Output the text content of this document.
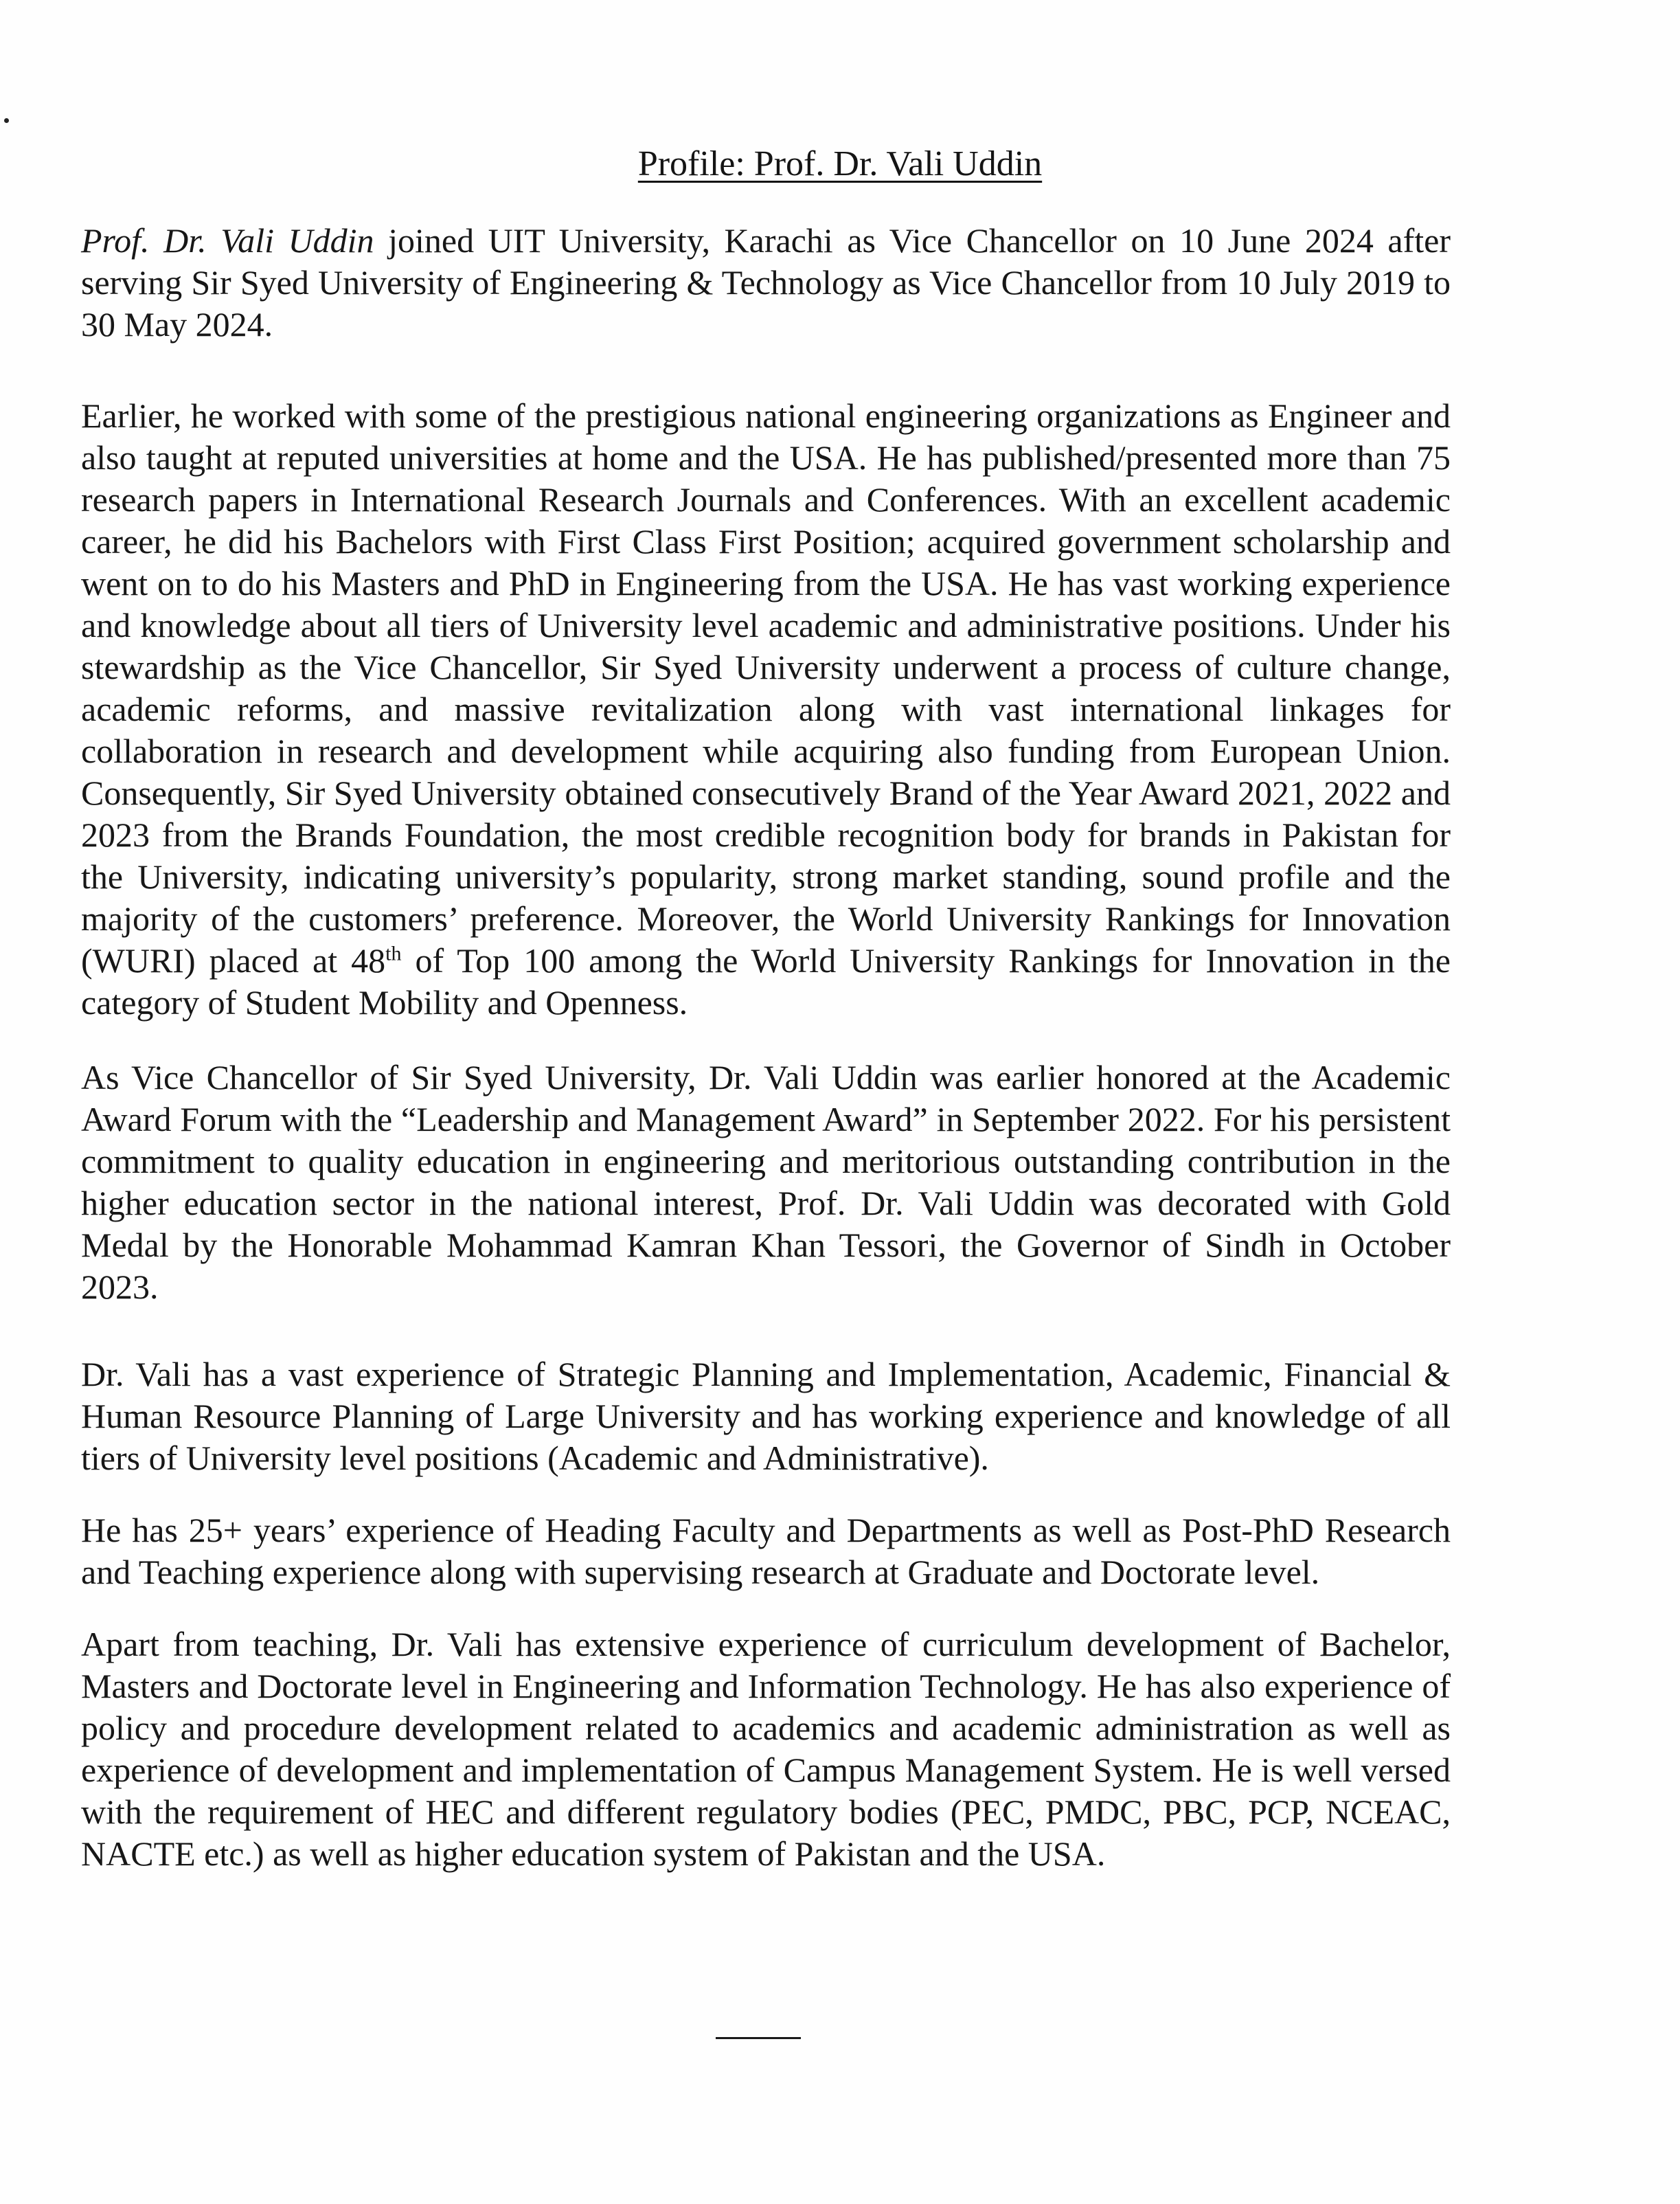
Profile: Prof. Dr. Vali Uddin

Prof. Dr. Vali Uddin joined UIT University, Karachi as Vice Chancellor on 10 June 2024 after serving Sir Syed University of Engineering & Technology as Vice Chancellor from 10 July 2019 to 30 May 2024.

Earlier, he worked with some of the prestigious national engineering organizations as Engineer and also taught at reputed universities at home and the USA. He has published/presented more than 75 research papers in International Research Journals and Conferences. With an excellent academic career, he did his Bachelors with First Class First Position; acquired government scholarship and went on to do his Masters and PhD in Engineering from the USA. He has vast working experience and knowledge about all tiers of University level academic and administrative positions. Under his stewardship as the Vice Chancellor, Sir Syed University underwent a process of culture change, academic reforms, and massive revitalization along with vast international linkages for collaboration in research and development while acquiring also funding from European Union. Consequently, Sir Syed University obtained consecutively Brand of the Year Award 2021, 2022 and 2023 from the Brands Foundation, the most credible recognition body for brands in Pakistan for the University, indicating university’s popularity, strong market standing, sound profile and the majority of the customers’ preference. Moreover, the World University Rankings for Innovation (WURI) placed at 48th of Top 100 among the World University Rankings for Innovation in the category of Student Mobility and Openness.

As Vice Chancellor of Sir Syed University, Dr. Vali Uddin was earlier honored at the Academic Award Forum with the “Leadership and Management Award” in September 2022. For his persistent commitment to quality education in engineering and meritorious outstanding contribution in the higher education sector in the national interest, Prof. Dr. Vali Uddin was decorated with Gold Medal by the Honorable Mohammad Kamran Khan Tessori, the Governor of Sindh in October 2023.

Dr. Vali has a vast experience of Strategic Planning and Implementation, Academic, Financial & Human Resource Planning of Large University and has working experience and knowledge of all tiers of University level positions (Academic and Administrative).

He has 25+ years’ experience of Heading Faculty and Departments as well as Post-PhD Research and Teaching experience along with supervising research at Graduate and Doctorate level.

Apart from teaching, Dr. Vali has extensive experience of curriculum development of Bachelor, Masters and Doctorate level in Engineering and Information Technology. He has also experience of policy and procedure development related to academics and academic administration as well as experience of development and implementation of Campus Management System. He is well versed with the requirement of HEC and different regulatory bodies (PEC, PMDC, PBC, PCP, NCEAC, NACTE etc.) as well as higher education system of Pakistan and the USA.
